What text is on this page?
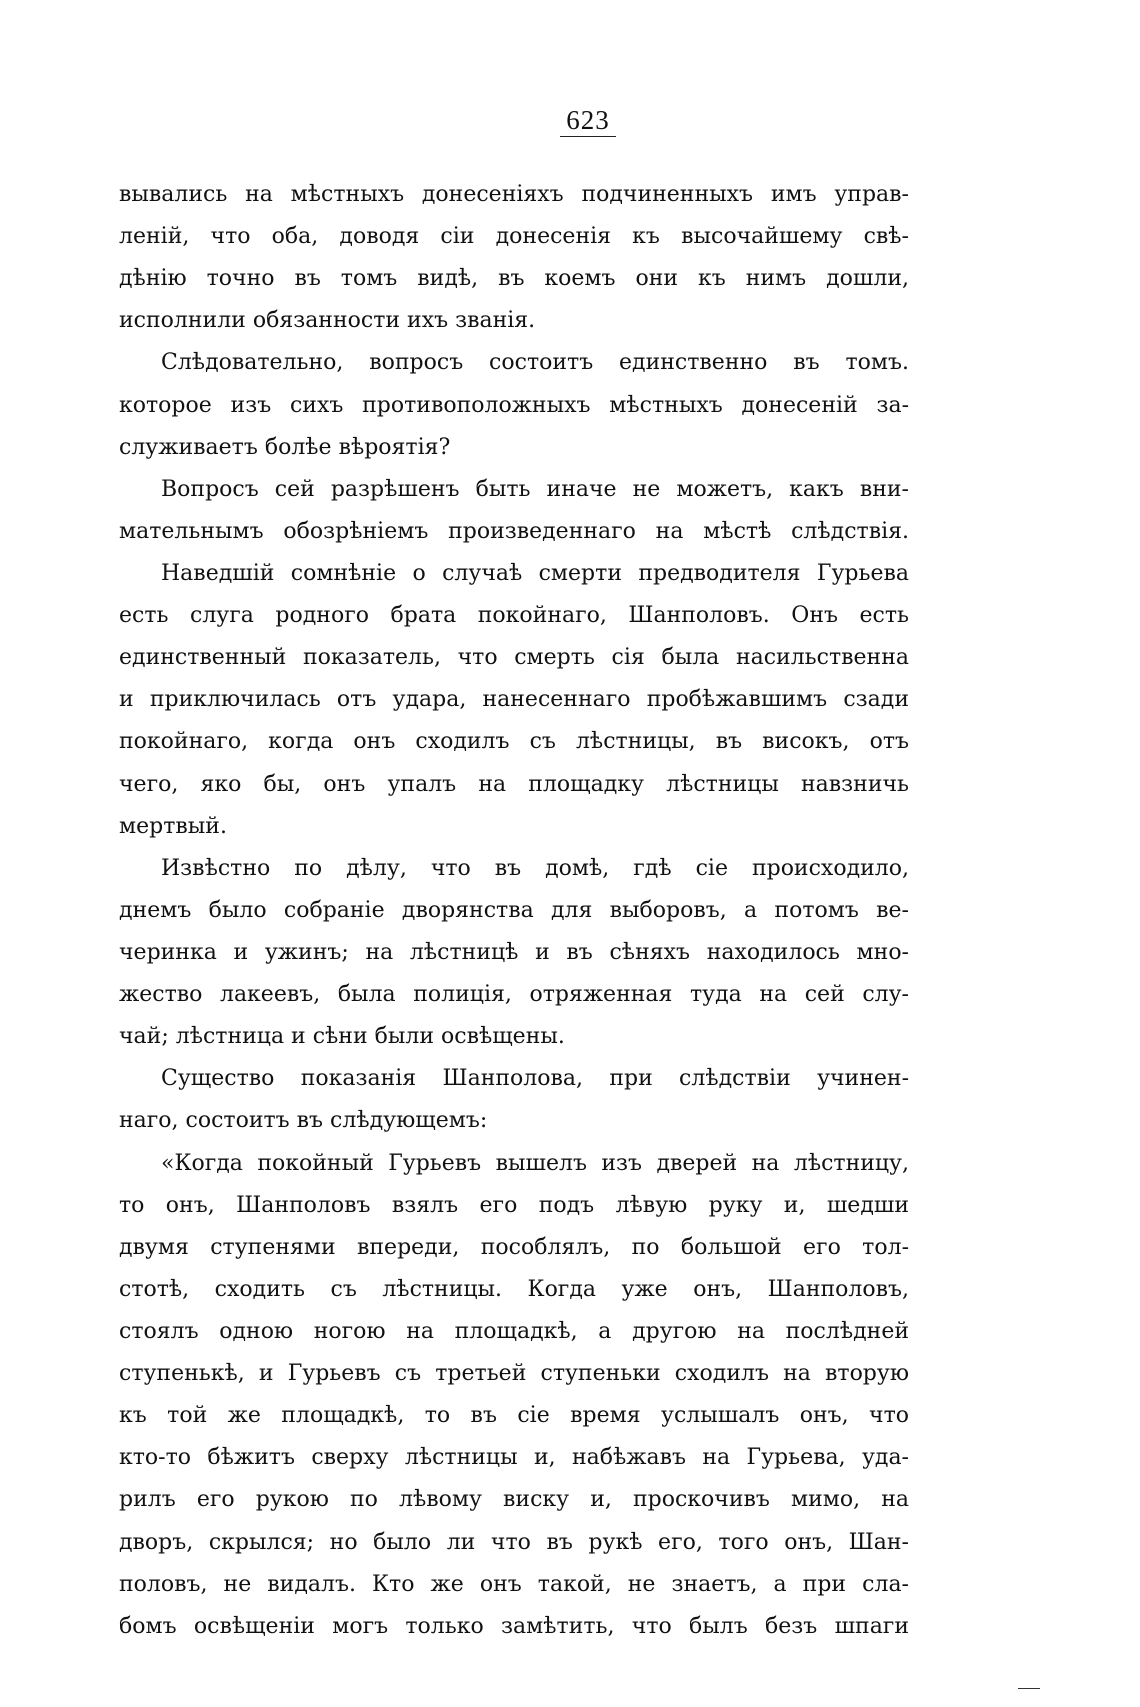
623
вывались на мѣстныхъ донесеніяхъ подчиненныхъ имъ управ-
леній, что оба, доводя сіи донесенія къ высочайшему свѣ-
дѣнію точно въ томъ видѣ, въ коемъ они къ нимъ дошли,
исполнили обязанности ихъ званія.
Слѣдовательно, вопросъ состоитъ единственно въ томъ.
которое изъ сихъ противоположныхъ мѣстныхъ донесеній за-
служиваетъ болѣе вѣроятія?
Вопросъ сей разрѣшенъ быть иначе не можетъ, какъ вни-
мательнымъ обозрѣніемъ произведеннаго на мѣстѣ слѣдствія.
Наведшій сомнѣніе о случаѣ смерти предводителя Гурьева
есть слуга родного брата покойнаго, Шанполовъ. Онъ есть
единственный показатель, что смерть сія была насильственна
и приключилась отъ удара, нанесеннаго пробѣжавшимъ сзади
покойнаго, когда онъ сходилъ съ лѣстницы, въ високъ, отъ
чего, яко бы, онъ упалъ на площадку лѣстницы навзничь
мертвый.
Извѣстно по дѣлу, что въ домѣ, гдѣ сіе происходило,
днемъ было собраніе дворянства для выборовъ, а потомъ ве-
черинка и ужинъ; на лѣстницѣ и въ сѣняхъ находилось мно-
жество лакеевъ, была полиція, отряженная туда на сей слу-
чай; лѣстница и сѣни были освѣщены.
Существо показанія Шанполова, при слѣдствіи учинен-
наго, состоитъ въ слѣдующемъ:
«Когда покойный Гурьевъ вышелъ изъ дверей на лѣстницу,
то онъ, Шанполовъ взялъ его подъ лѣвую руку и, шедши
двумя ступенями впереди, пособлялъ, по большой его тол-
стотѣ, сходить съ лѣстницы. Когда уже онъ, Шанполовъ,
стоялъ одною ногою на площадкѣ, а другою на послѣдней
ступенькѣ, и Гурьевъ съ третьей ступеньки сходилъ на вторую
къ той же площадкѣ, то въ сіе время услышалъ онъ, что
кто-то бѣжитъ сверху лѣстницы и, набѣжавъ на Гурьева, уда-
рилъ его рукою по лѣвому виску и, проскочивъ мимо, на
дворъ, скрылся; но было ли что въ рукѣ его, того онъ, Шан-
половъ, не видалъ. Кто же онъ такой, не знаетъ, а при сла-
бомъ освѣщеніи могъ только замѣтить, что былъ безъ шпаги
